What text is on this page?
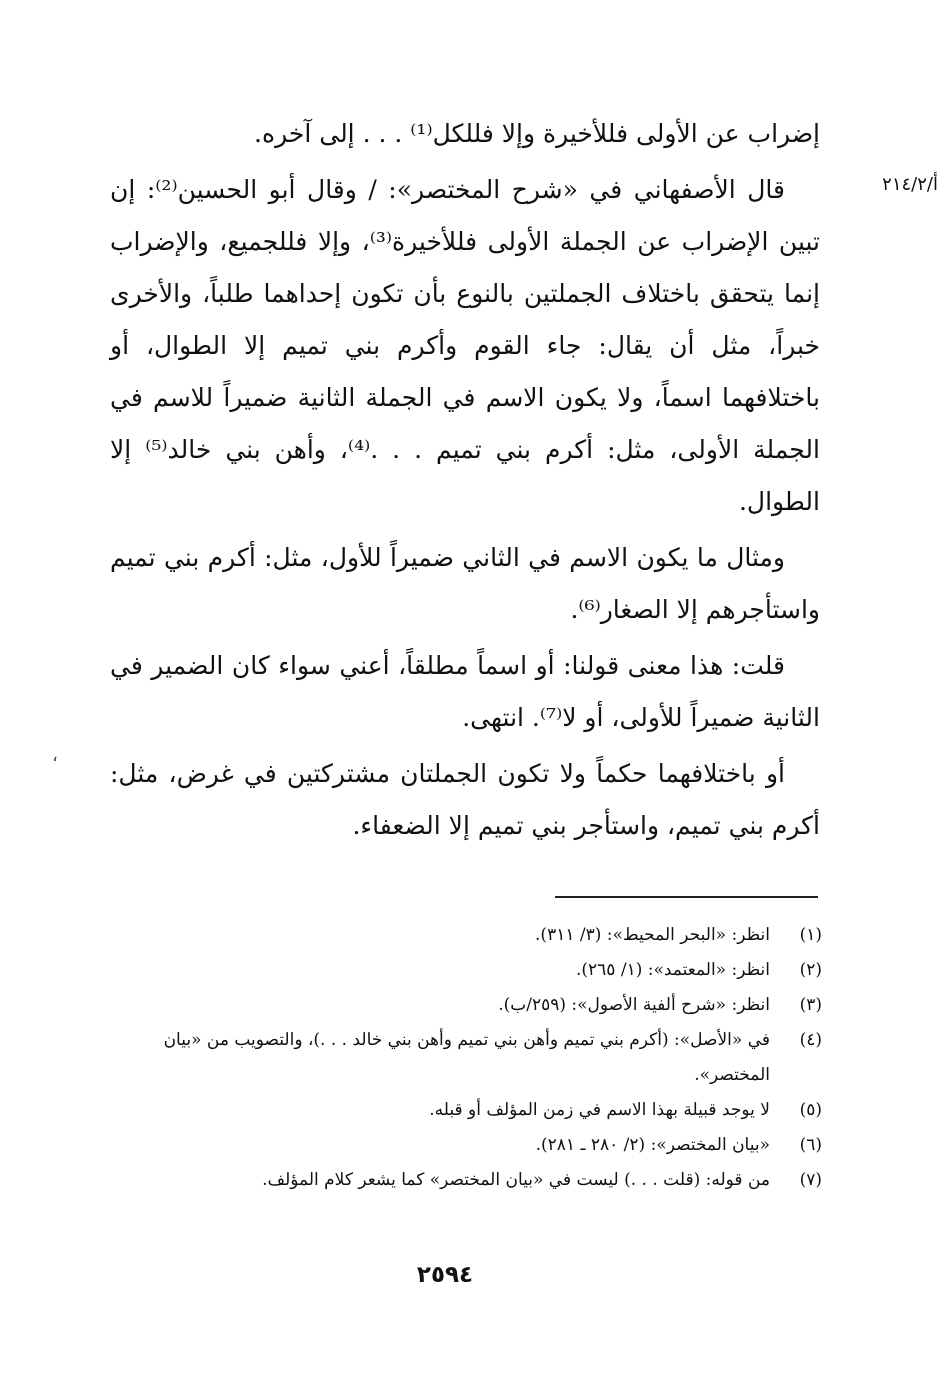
أ/٢١٤/٢
،

إضراب عن الأولى فللأخيرة وإلا فللكل⁽¹⁾ . . . إلى آخره.

قال الأصفهاني في «شرح المختصر»: / وقال أبو الحسين⁽²⁾: إن تبين الإضراب عن الجملة الأولى فللأخيرة⁽³⁾، وإلا فللجميع، والإضراب إنما يتحقق باختلاف الجملتين بالنوع بأن تكون إحداهما طلباً، والأخرى خبراً، مثل أن يقال: جاء القوم وأكرم بني تميم إلا الطوال، أو باختلافهما اسماً، ولا يكون الاسم في الجملة الثانية ضميراً للاسم في الجملة الأولى، مثل: أكرم بني تميم . . .⁽⁴⁾، وأهن بني خالد⁽⁵⁾ إلا الطوال.

ومثال ما يكون الاسم في الثاني ضميراً للأول، مثل: أكرم بني تميم واستأجرهم إلا الصغار⁽⁶⁾.

قلت: هذا معنى قولنا: أو اسماً مطلقاً، أعني سواء كان الضمير في الثانية ضميراً للأولى، أو لا⁽⁷⁾. انتهى.

أو باختلافهما حكماً ولا تكون الجملتان مشتركتين في غرض، مثل: أكرم بني تميم، واستأجر بني تميم إلا الضعفاء.

(١)
انظر: «البحر المحيط»: (٣/ ٣١١).
(٢)
انظر: «المعتمد»: (١/ ٢٦٥).
(٣)
انظر: «شرح ألفية الأصول»: (٢٥٩/ب).
(٤)
في «الأصل»: (أكرم بني تميم وأهن بني تميم وأهن بني خالد . . .)، والتصويب من «بيان المختصر».
(٥)
لا يوجد قبيلة بهذا الاسم في زمن المؤلف أو قبله.
(٦)
«بيان المختصر»: (٢/ ٢٨٠ ـ ٢٨١).
(٧)
من قوله: (قلت . . .) ليست في «بيان المختصر» كما يشعر كلام المؤلف.
٢٥٩٤
